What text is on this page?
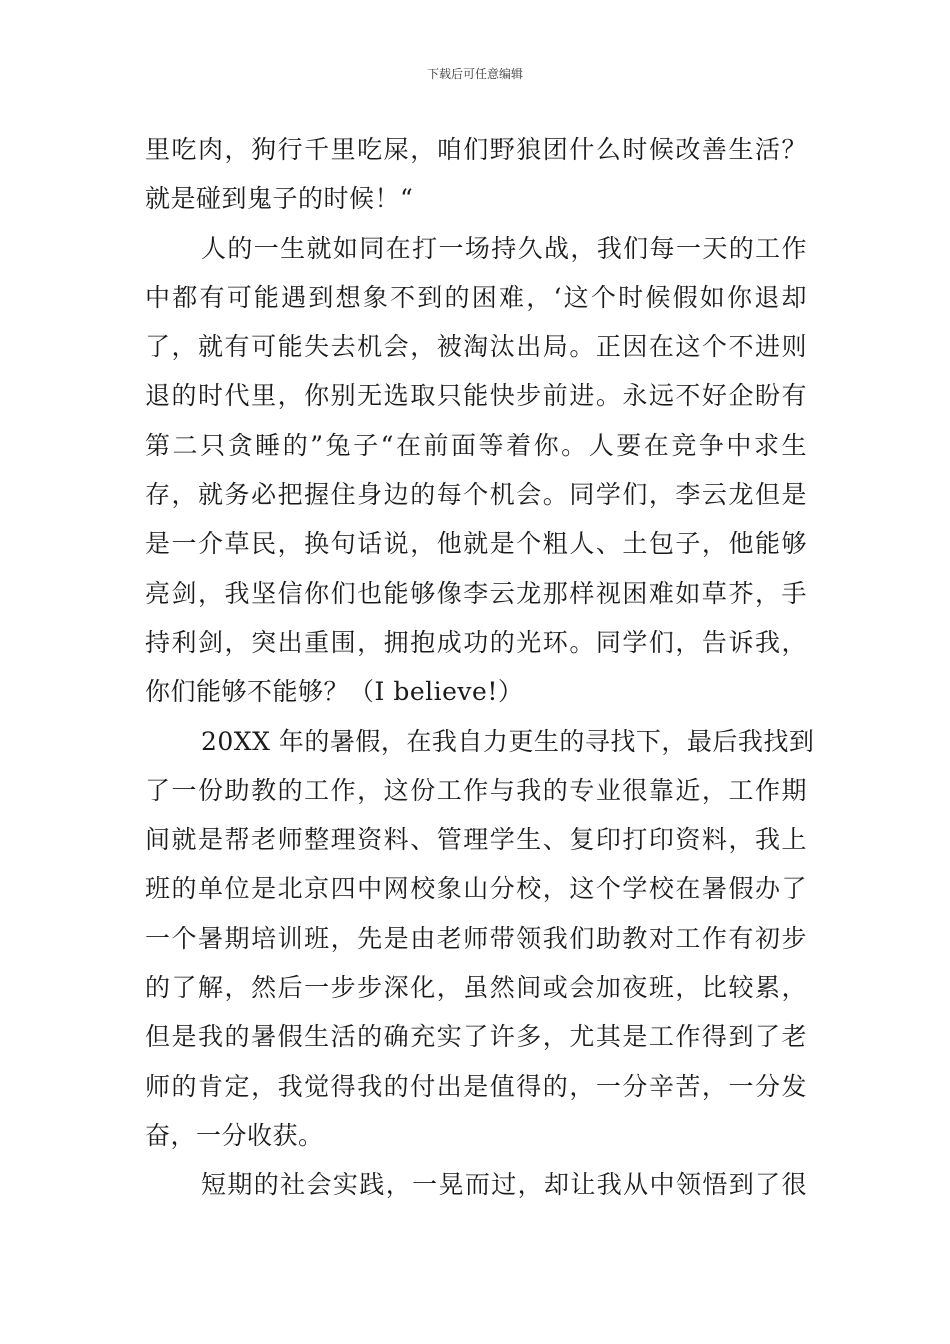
下载后可任意编辑
里吃肉，狗行千里吃屎，咱们野狼团什么时候改善生活？
就是碰到鬼子的时候！“
人的一生就如同在打一场持久战，我们每一天的工作
中都有可能遇到想象不到的困难，‘这个时候假如你退却
了，就有可能失去机会，被淘汰出局。正因在这个不进则
退的时代里，你别无选取只能快步前进。永远不好企盼有
第二只贪睡的”兔子“在前面等着你。人要在竞争中求生
存，就务必把握住身边的每个机会。同学们，李云龙但是
是一介草民，换句话说，他就是个粗人、土包子，他能够
亮剑，我坚信你们也能够像李云龙那样视困难如草芥，手
持利剑，突出重围，拥抱成功的光环。同学们，告诉我，
你们能够不能够？（I believe!）
20XX 年的暑假，在我自力更生的寻找下，最后我找到
了一份助教的工作，这份工作与我的专业很靠近，工作期
间就是帮老师整理资料、管理学生、复印打印资料，我上
班的单位是北京四中网校象山分校，这个学校在暑假办了
一个暑期培训班，先是由老师带领我们助教对工作有初步
的了解，然后一步步深化，虽然间或会加夜班，比较累，
但是我的暑假生活的确充实了许多，尤其是工作得到了老
师的肯定，我觉得我的付出是值得的，一分辛苦，一分发
奋，一分收获。
短期的社会实践，一晃而过，却让我从中领悟到了很
